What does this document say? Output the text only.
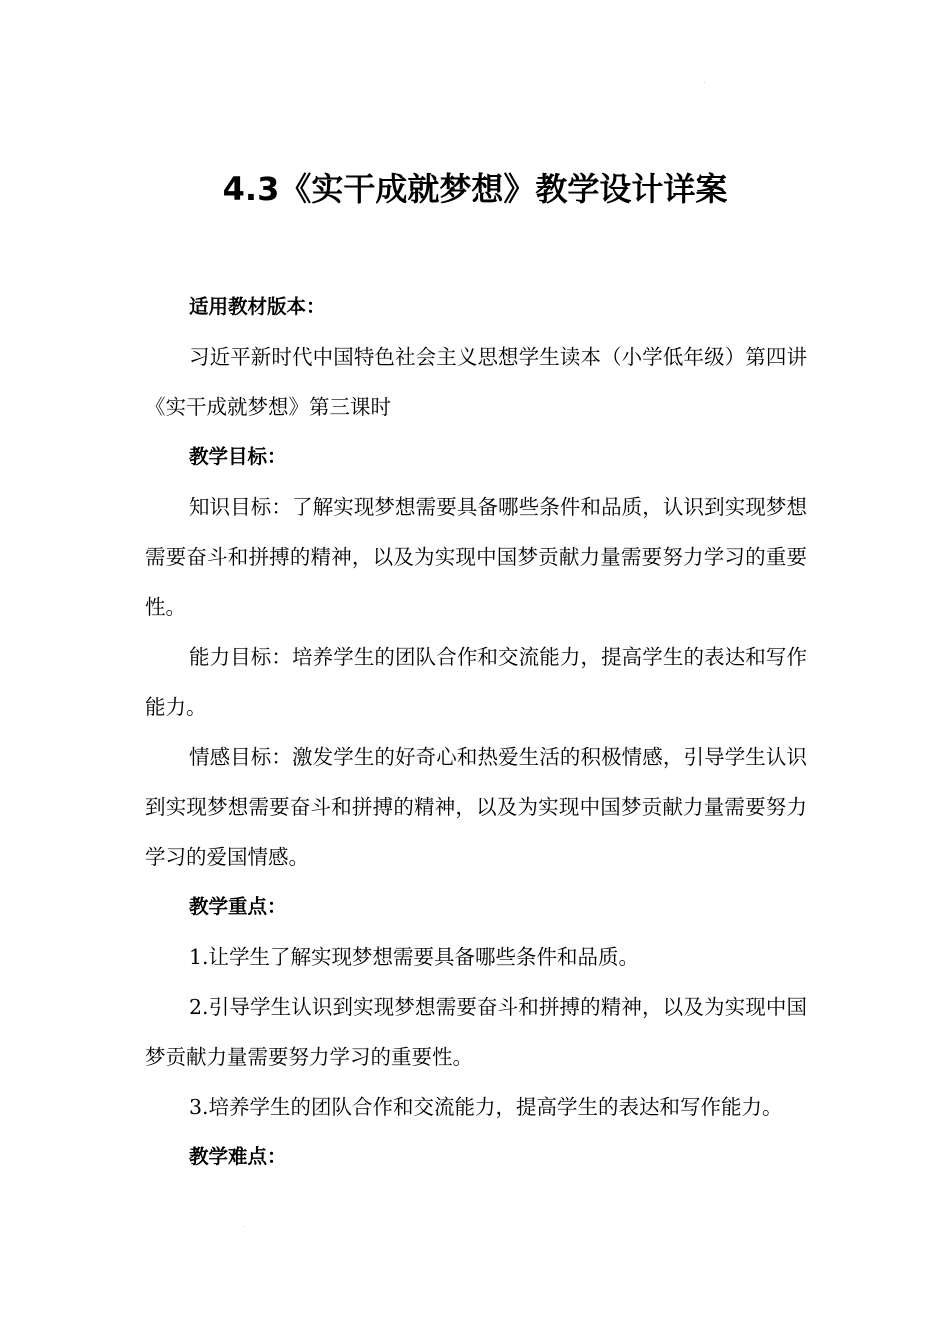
4.3《实干成就梦想》教学设计详案

适用教材版本：

习近平新时代中国特色社会主义思想学生读本（小学低年级）第四讲《实干成就梦想》第三课时

教学目标：

知识目标：了解实现梦想需要具备哪些条件和品质，认识到实现梦想需要奋斗和拼搏的精神，以及为实现中国梦贡献力量需要努力学习的重要性。

能力目标：培养学生的团队合作和交流能力，提高学生的表达和写作能力。

情感目标：激发学生的好奇心和热爱生活的积极情感，引导学生认识到实现梦想需要奋斗和拼搏的精神，以及为实现中国梦贡献力量需要努力学习的爱国情感。

教学重点：

1.让学生了解实现梦想需要具备哪些条件和品质。

2.引导学生认识到实现梦想需要奋斗和拼搏的精神，以及为实现中国梦贡献力量需要努力学习的重要性。

3.培养学生的团队合作和交流能力，提高学生的表达和写作能力。

教学难点：
